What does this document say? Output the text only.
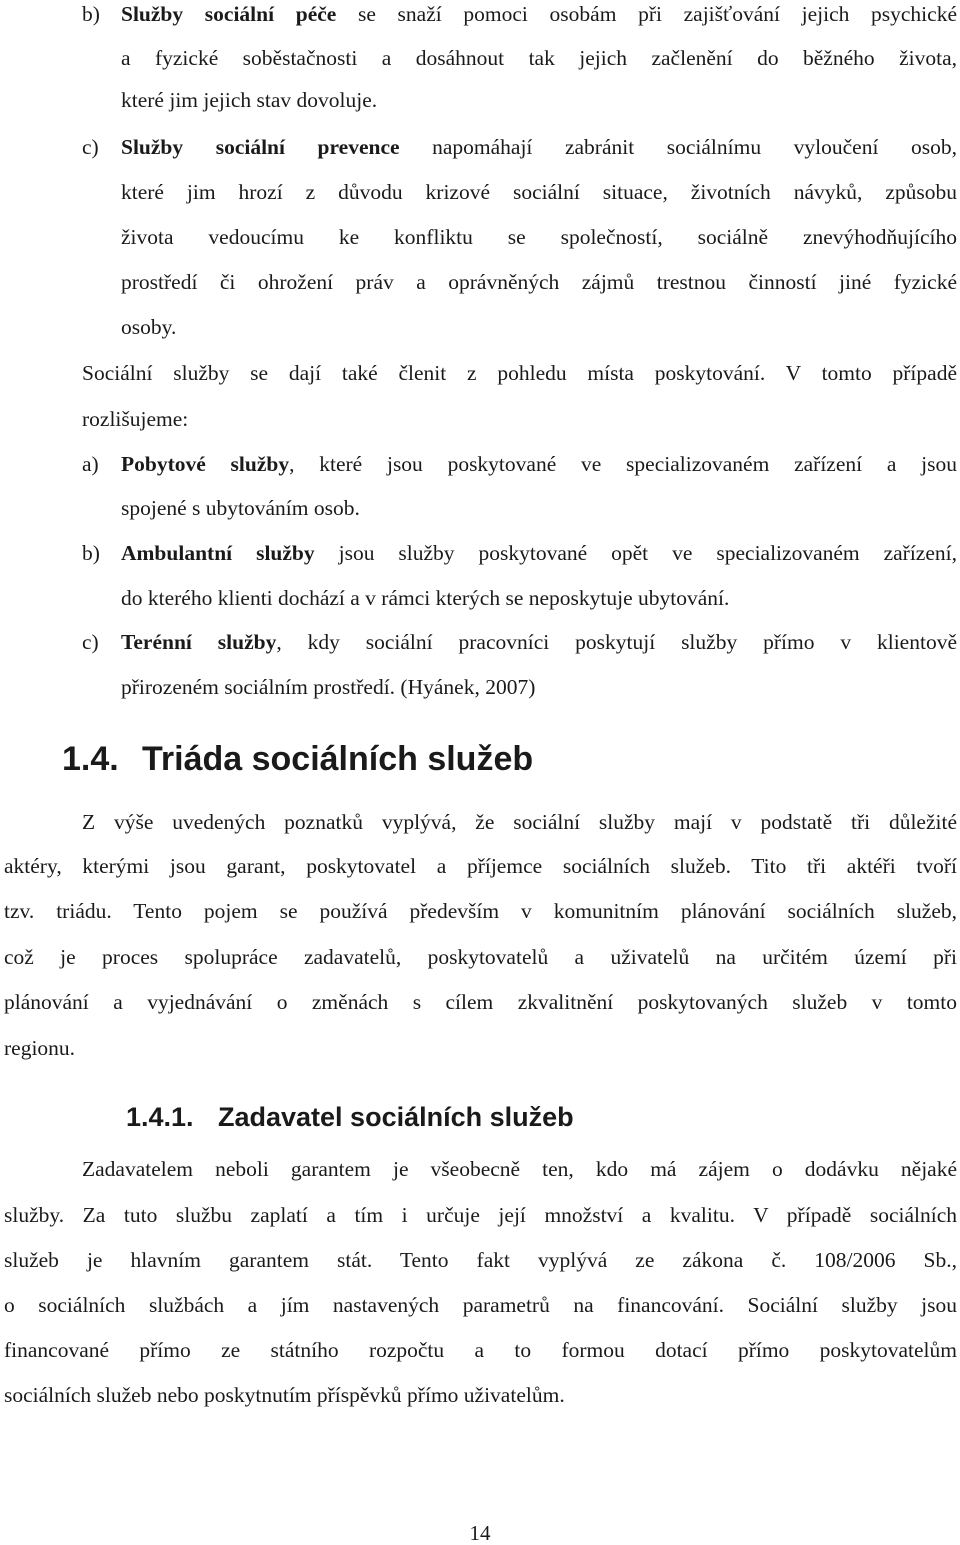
b) Služby sociální péče se snaží pomoci osobám při zajišťování jejich psychické
a fyzické soběstačnosti a dosáhnout tak jejich začlenění do běžného života,
které jim jejich stav dovoluje.
c) Služby sociální prevence napomáhají zabránit sociálnímu vyloučení osob,
které jim hrozí z důvodu krizové sociální situace, životních návyků, způsobu
života vedoucímu ke konfliktu se společností, sociálně znevýhodňujícího
prostředí či ohrožení práv a oprávněných zájmů trestnou činností jiné fyzické
osoby.
Sociální služby se dají také členit z pohledu místa poskytování. V tomto případě
rozlišujeme:
a) Pobytové služby, které jsou poskytované ve specializovaném zařízení a jsou
spojené s ubytováním osob.
b) Ambulantní služby jsou služby poskytované opět ve specializovaném zařízení,
do kterého klienti dochází a v rámci kterých se neposkytuje ubytování.
c) Terénní služby, kdy sociální pracovníci poskytují služby přímo v klientově
přirozeném sociálním prostředí. (Hyánek, 2007)
1.4. Triáda sociálních služeb
Z výše uvedených poznatků vyplývá, že sociální služby mají v podstatě tři důležité
aktéry, kterými jsou garant, poskytovatel a příjemce sociálních služeb. Tito tři aktéři tvoří
tzv. triádu. Tento pojem se používá především v komunitním plánování sociálních služeb,
což je proces spolupráce zadavatelů, poskytovatelů a uživatelů na určitém území při
plánování a vyjednávání o změnách s cílem zkvalitnění poskytovaných služeb v tomto
regionu.
1.4.1. Zadavatel sociálních služeb
Zadavatelem neboli garantem je všeobecně ten, kdo má zájem o dodávku nějaké
služby. Za tuto službu zaplatí a tím i určuje její množství a kvalitu. V případě sociálních
služeb je hlavním garantem stát. Tento fakt vyplývá ze zákona č. 108/2006 Sb.,
o sociálních službách a jím nastavených parametrů na financování. Sociální služby jsou
financované přímo ze státního rozpočtu a to formou dotací přímo poskytovatelům
sociálních služeb nebo poskytnutím příspěvků přímo uživatelům.
14
